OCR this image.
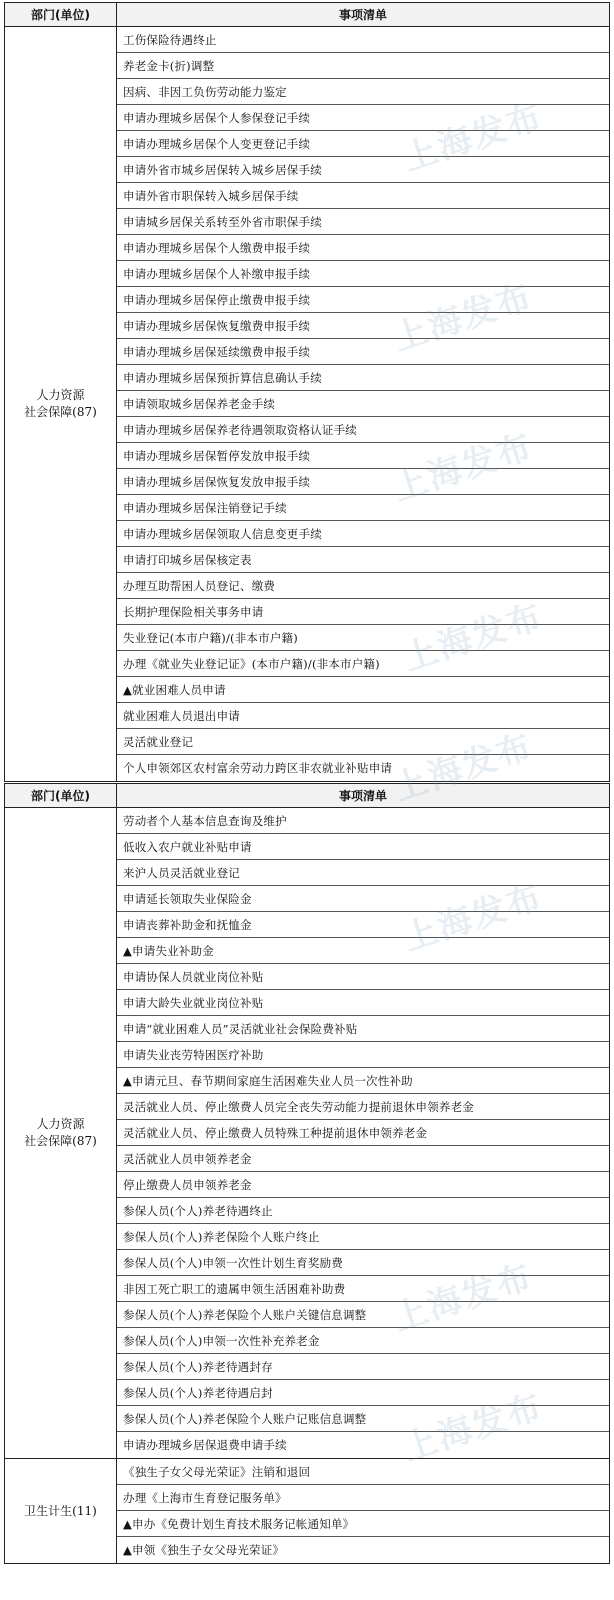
部门(单位)	事项清单
人力资源
社会保障(87)
工伤保险待遇终止
养老金卡(折)调整
因病、非因工负伤劳动能力鉴定
申请办理城乡居保个人参保登记手续
申请办理城乡居保个人变更登记手续
申请外省市城乡居保转入城乡居保手续
申请外省市职保转入城乡居保手续
申请城乡居保关系转至外省市职保手续
申请办理城乡居保个人缴费申报手续
申请办理城乡居保个人补缴申报手续
申请办理城乡居保停止缴费申报手续
申请办理城乡居保恢复缴费申报手续
申请办理城乡居保延续缴费申报手续
申请办理城乡居保预折算信息确认手续
申请领取城乡居保养老金手续
申请办理城乡居保养老待遇领取资格认证手续
申请办理城乡居保暂停发放申报手续
申请办理城乡居保恢复发放申报手续
申请办理城乡居保注销登记手续
申请办理城乡居保领取人信息变更手续
申请打印城乡居保核定表
办理互助帮困人员登记、缴费
长期护理保险相关事务申请
失业登记(本市户籍)/(非本市户籍)
办理《就业失业登记证》(本市户籍)/(非本市户籍)
▲就业困难人员申请
就业困难人员退出申请
灵活就业登记
个人申领郊区农村富余劳动力跨区非农就业补贴申请
部门(单位)	事项清单
人力资源
社会保障(87)
劳动者个人基本信息查询及维护
低收入农户就业补贴申请
来沪人员灵活就业登记
申请延长领取失业保险金
申请丧葬补助金和抚恤金
▲申请失业补助金
申请协保人员就业岗位补贴
申请大龄失业就业岗位补贴
申请“就业困难人员”灵活就业社会保险费补贴
申请失业丧劳特困医疗补助
▲申请元旦、春节期间家庭生活困难失业人员一次性补助
灵活就业人员、停止缴费人员完全丧失劳动能力提前退休申领养老金
灵活就业人员、停止缴费人员特殊工种提前退休申领养老金
灵活就业人员申领养老金
停止缴费人员申领养老金
参保人员(个人)养老待遇终止
参保人员(个人)养老保险个人账户终止
参保人员(个人)申领一次性计划生育奖励费
非因工死亡职工的遗属申领生活困难补助费
参保人员(个人)养老保险个人账户关键信息调整
参保人员(个人)申领一次性补充养老金
参保人员(个人)养老待遇封存
参保人员(个人)养老待遇启封
参保人员(个人)养老保险个人账户记账信息调整
申请办理城乡居保退费申请手续
卫生计生(11)
《独生子女父母光荣证》注销和退回
办理《上海市生育登记服务单》
▲申办《免费计划生育技术服务记帐通知单》
▲申领《独生子女父母光荣证》
上海发布
上海发布
上海发布
上海发布
上海发布
上海发布
上海发布
上海发布
